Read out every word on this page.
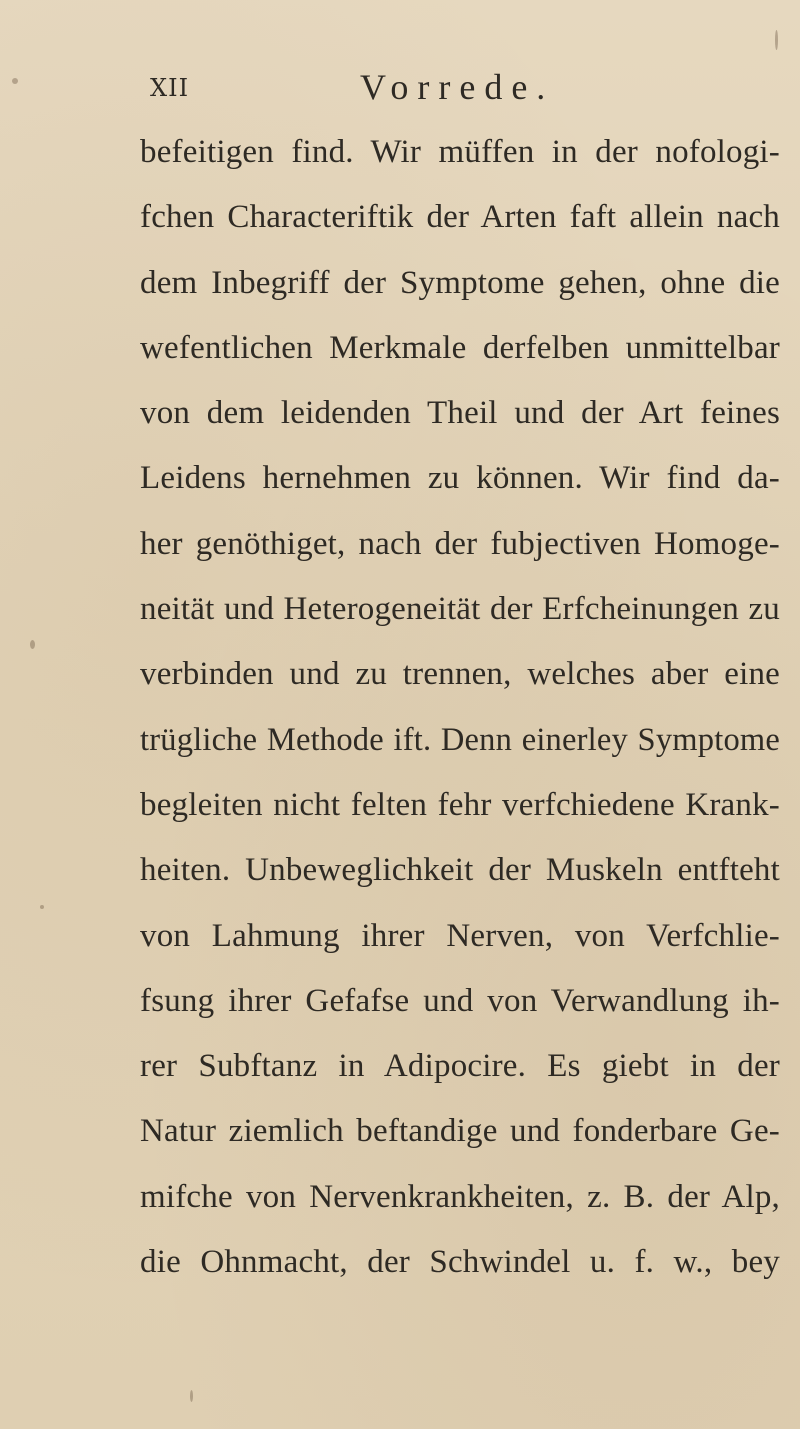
XII	Vorrede.
befeitigen find. Wir müffen in der nofologi-
fchen Characteriftik der Arten faft allein nach
dem Inbegriff der Symptome gehen, ohne die
wefentlichen Merkmale derfelben unmittelbar
von dem leidenden Theil und der Art feines
Leidens hernehmen zu können. Wir find da-
her genöthiget, nach der fubjectiven Homoge-
neität und Heterogeneität der Erfcheinungen zu
verbinden und zu trennen, welches aber eine
trügliche Methode ift. Denn einerley Symptome
begleiten nicht felten fehr verfchiedene Krank-
heiten. Unbeweglichkeit der Muskeln entfteht
von Lahmung ihrer Nerven, von Verfchlie-
fsung ihrer Gefafse und von Verwandlung ih-
rer Subftanz in Adipocire. Es giebt in der
Natur ziemlich beftandige und fonderbare Ge-
mifche von Nervenkrankheiten, z. B. der Alp,
die Ohnmacht, der Schwindel u. f. w., bey
